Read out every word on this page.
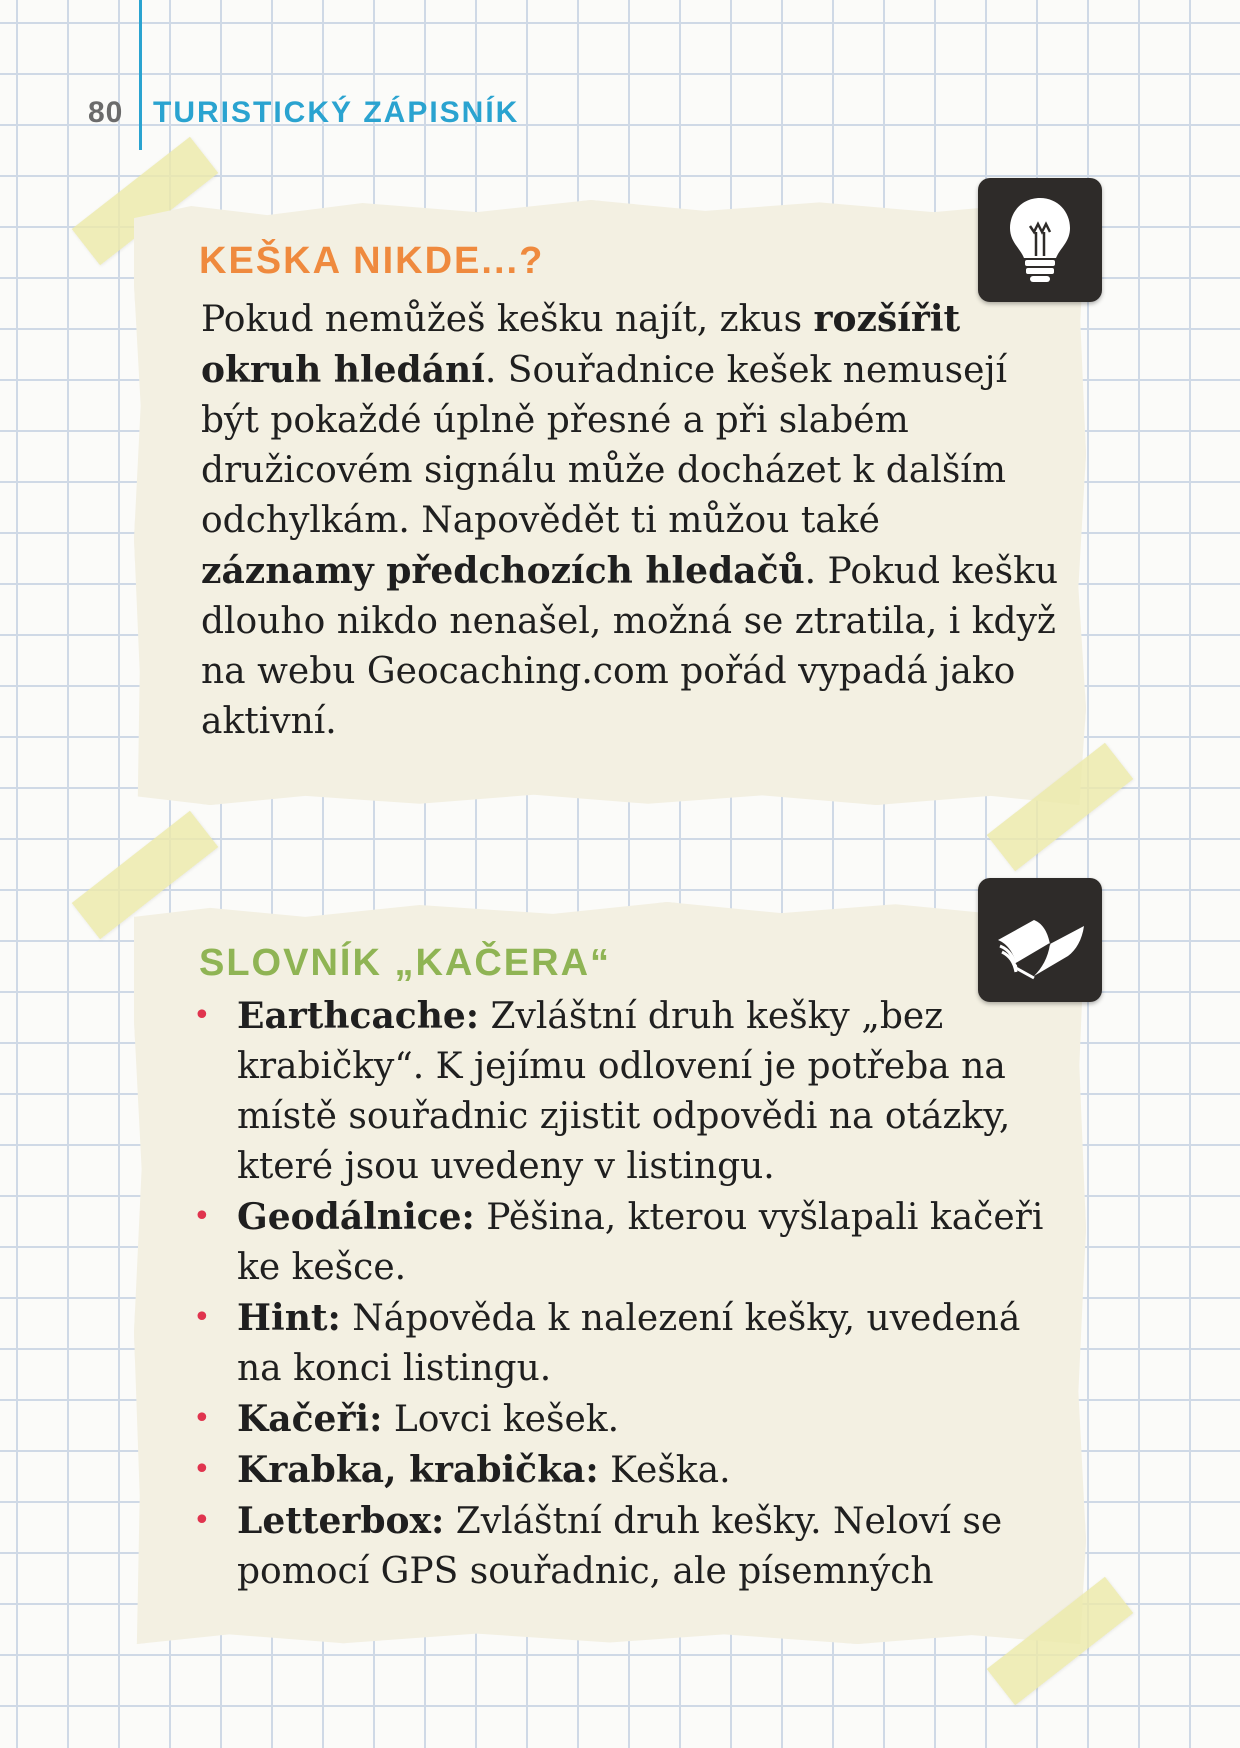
80 TURISTICKÝ ZÁPISNÍK
KEŠKA NIKDE...?

Pokud nemůžeš kešku najít, zkus rozšířit okruh hledání. Souřadnice kešek nemusejí být pokaždé úplně přesné a při slabém družicovém signálu může docházet k dalším odchylkám. Napovědět ti můžou také záznamy předchozích hledačů. Pokud kešku dlouho nikdo nenašel, možná se ztratila, i když na webu Geocaching.com pořád vypadá jako aktivní.

SLOVNÍK „KAČERA“
• Earthcache: Zvláštní druh kešky „bez krabičky“. K jejímu odlovení je potřeba na místě souřadnic zjistit odpovědi na otázky, které jsou uvedeny v listingu.
• Geodálnice: Pěšina, kterou vyšlapali kačeři ke kešce.
• Hint: Nápověda k nalezení kešky, uvedená na konci listingu.
• Kačeři: Lovci kešek.
• Krabka, krabička: Keška.
• Letterbox: Zvláštní druh kešky. Neloví se pomocí GPS souřadnic, ale písemných
